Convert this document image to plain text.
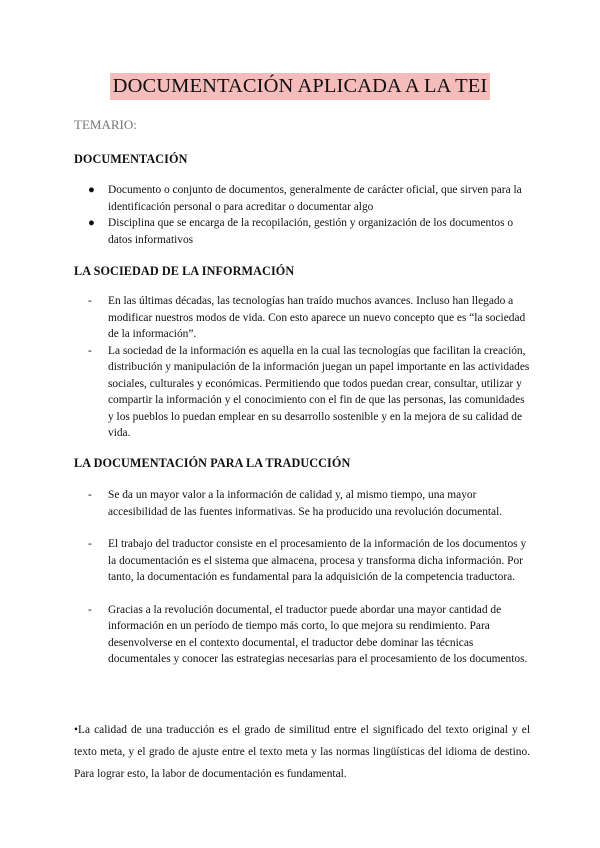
DOCUMENTACIÓN APLICADA A LA TEI
TEMARIO:
DOCUMENTACIÓN
● Documento o conjunto de documentos, generalmente de carácter oficial, que sirven para la identificación personal o para acreditar o documentar algo
● Disciplina que se encarga de la recopilación, gestión y organización de los documentos o datos informativos
LA SOCIEDAD DE LA INFORMACIÓN
- En las últimas décadas, las tecnologías han traído muchos avances. Incluso han llegado a modificar nuestros modos de vida. Con esto aparece un nuevo concepto que es “la sociedad de la información”.
- La sociedad de la información es aquella en la cual las tecnologías que facilitan la creación, distribución y manipulación de la información juegan un papel importante en las actividades sociales, culturales y económicas. Permitiendo que todos puedan crear, consultar, utilizar y compartir la información y el conocimiento con el fin de que las personas, las comunidades y los pueblos lo puedan emplear en su desarrollo sostenible y en la mejora de su calidad de vida.
LA DOCUMENTACIÓN PARA LA TRADUCCIÓN
- Se da un mayor valor a la información de calidad y, al mismo tiempo, una mayor accesibilidad de las fuentes informativas. Se ha producido una revolución documental.
- El trabajo del traductor consiste en el procesamiento de la información de los documentos y la documentación es el sistema que almacena, procesa y transforma dicha información. Por tanto, la documentación es fundamental para la adquisición de la competencia traductora.
- Gracias a la revolución documental, el traductor puede abordar una mayor cantidad de información en un período de tiempo más corto, lo que mejora su rendimiento. Para desenvolverse en el contexto documental, el traductor debe dominar las técnicas documentales y conocer las estrategias necesarias para el procesamiento de los documentos.

•La calidad de una traducción es el grado de similitud entre el significado del texto original y el texto meta, y el grado de ajuste entre el texto meta y las normas lingüísticas del idioma de destino. Para lograr esto, la labor de documentación es fundamental.
